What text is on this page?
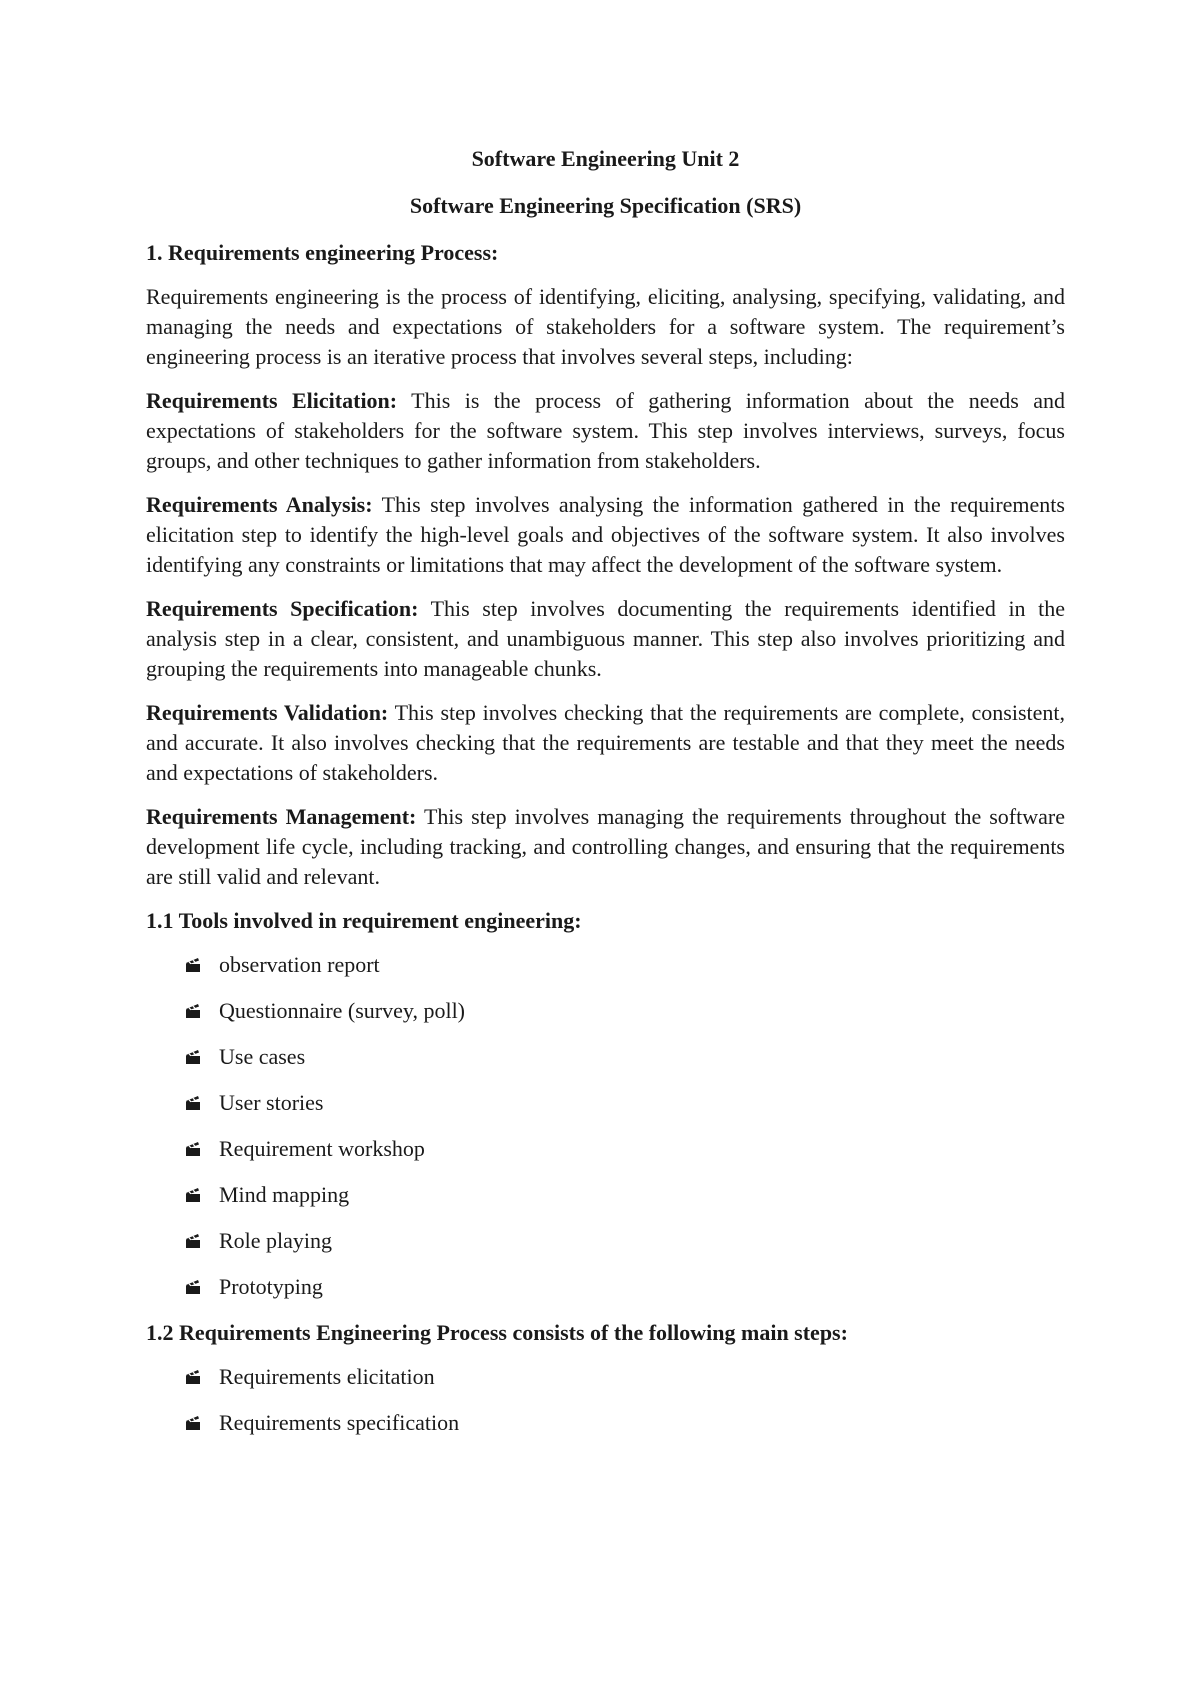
Software Engineering Unit 2
Software Engineering Specification (SRS)
1. Requirements engineering Process:

Requirements engineering is the process of identifying, eliciting, analysing, specifying, validating, and managing the needs and expectations of stakeholders for a software system. The requirement’s engineering process is an iterative process that involves several steps, including:

Requirements Elicitation: This is the process of gathering information about the needs and expectations of stakeholders for the software system. This step involves interviews, surveys, focus groups, and other techniques to gather information from stakeholders.

Requirements Analysis: This step involves analysing the information gathered in the requirements elicitation step to identify the high-level goals and objectives of the software system. It also involves identifying any constraints or limitations that may affect the development of the software system.

Requirements Specification: This step involves documenting the requirements identified in the analysis step in a clear, consistent, and unambiguous manner. This step also involves prioritizing and grouping the requirements into manageable chunks.

Requirements Validation: This step involves checking that the requirements are complete, consistent, and accurate. It also involves checking that the requirements are testable and that they meet the needs and expectations of stakeholders.

Requirements Management: This step involves managing the requirements throughout the software development life cycle, including tracking, and controlling changes, and ensuring that the requirements are still valid and relevant.

1.1 Tools involved in requirement engineering:
observation report
Questionnaire (survey, poll)
Use cases
User stories
Requirement workshop
Mind mapping
Role playing
Prototyping
1.2 Requirements Engineering Process consists of the following main steps:
Requirements elicitation
Requirements specification
